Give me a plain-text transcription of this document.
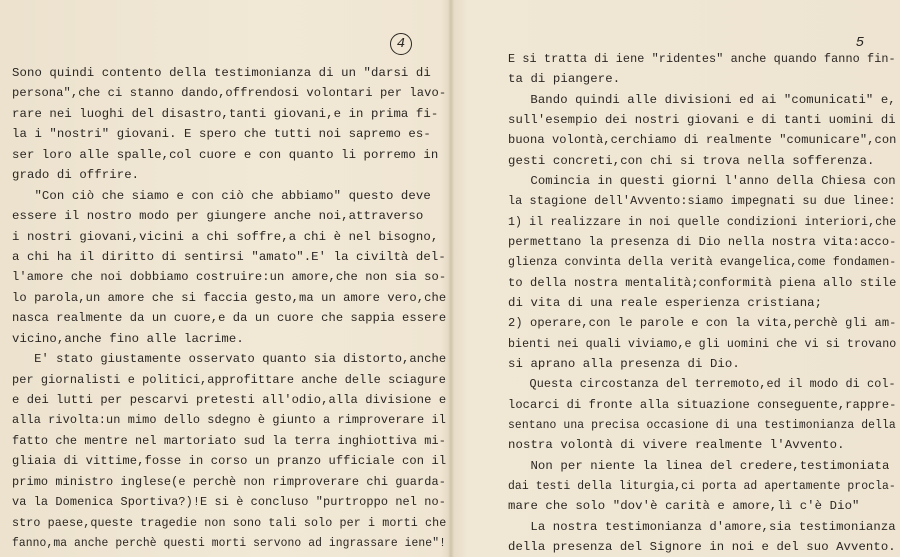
4
Sono quindi contento della testimonianza di un "darsi di
persona",che ci stanno dando,offrendosi volontari per lavo-
rare nei luoghi del disastro,tanti giovani,e in prima fi-
la i "nostri" giovani. E spero che tutti noi sapremo es-
ser loro alle spalle,col cuore e con quanto li porremo in
grado di offrire.
"Con ciò che siamo e con ciò che abbiamo" questo deve
essere il nostro modo per giungere anche noi,attraverso
i nostri giovani,vicini a chi soffre,a chi è nel bisogno,
a chi ha il diritto di sentirsi "amato".E' la civiltà del-
l'amore che noi dobbiamo costruire:un amore,che non sia so-
lo parola,un amore che si faccia gesto,ma un amore vero,che
nasca realmente da un cuore,e da un cuore che sappia essere
vicino,anche fino alle lacrime.
E' stato giustamente osservato quanto sia distorto,anche
per giornalisti e politici,approfittare anche delle sciagure
e dei lutti per pescarvi pretesti all'odio,alla divisione e
alla rivolta:un mimo dello sdegno è giunto a rimproverare il
fatto che mentre nel martoriato sud la terra inghiottiva mi-
gliaia di vittime,fosse in corso un pranzo ufficiale con il
primo ministro inglese(e perchè non rimproverare chi guarda-
va la Domenica Sportiva?)!E si è concluso "purtroppo nel no-
stro paese,queste tragedie non sono tali solo per i morti che
fanno,ma anche perchè questi morti servono ad ingrassare iene"!
5
E si tratta di iene "ridentes" anche quando fanno fin-
ta di piangere.
Bando quindi alle divisioni ed ai "comunicati" e,
sull'esempio dei nostri giovani e di tanti uomini di
buona volontà,cerchiamo di realmente "comunicare",con
gesti concreti,con chi si trova nella sofferenza.
Comincia in questi giorni l'anno della Chiesa con
la stagione dell'Avvento:siamo impegnati su due linee:
1) il realizzare in noi quelle condizioni interiori,che
permettano la presenza di Dio nella nostra vita:acco-
glienza convinta della verità evangelica,come fondamen-
to della nostra mentalità;conformità piena allo stile
di vita di una reale esperienza cristiana;
2) operare,con le parole e con la vita,perchè gli am-
bienti nei quali viviamo,e gli uomini che vi si trovano
si aprano alla presenza di Dio.
Questa circostanza del terremoto,ed il modo di col-
locarci di fronte alla situazione conseguente,rappre-
sentano una precisa occasione di una testimonianza della
nostra volontà di vivere realmente l'Avvento.
Non per niente la linea del credere,testimoniata
dai testi della liturgia,ci porta ad apertamente procla-
mare che solo "dov'è carità e amore,lì c'è Dio"
La nostra testimonianza d'amore,sia testimonianza
della presenza del Signore in noi e del suo Avvento.
